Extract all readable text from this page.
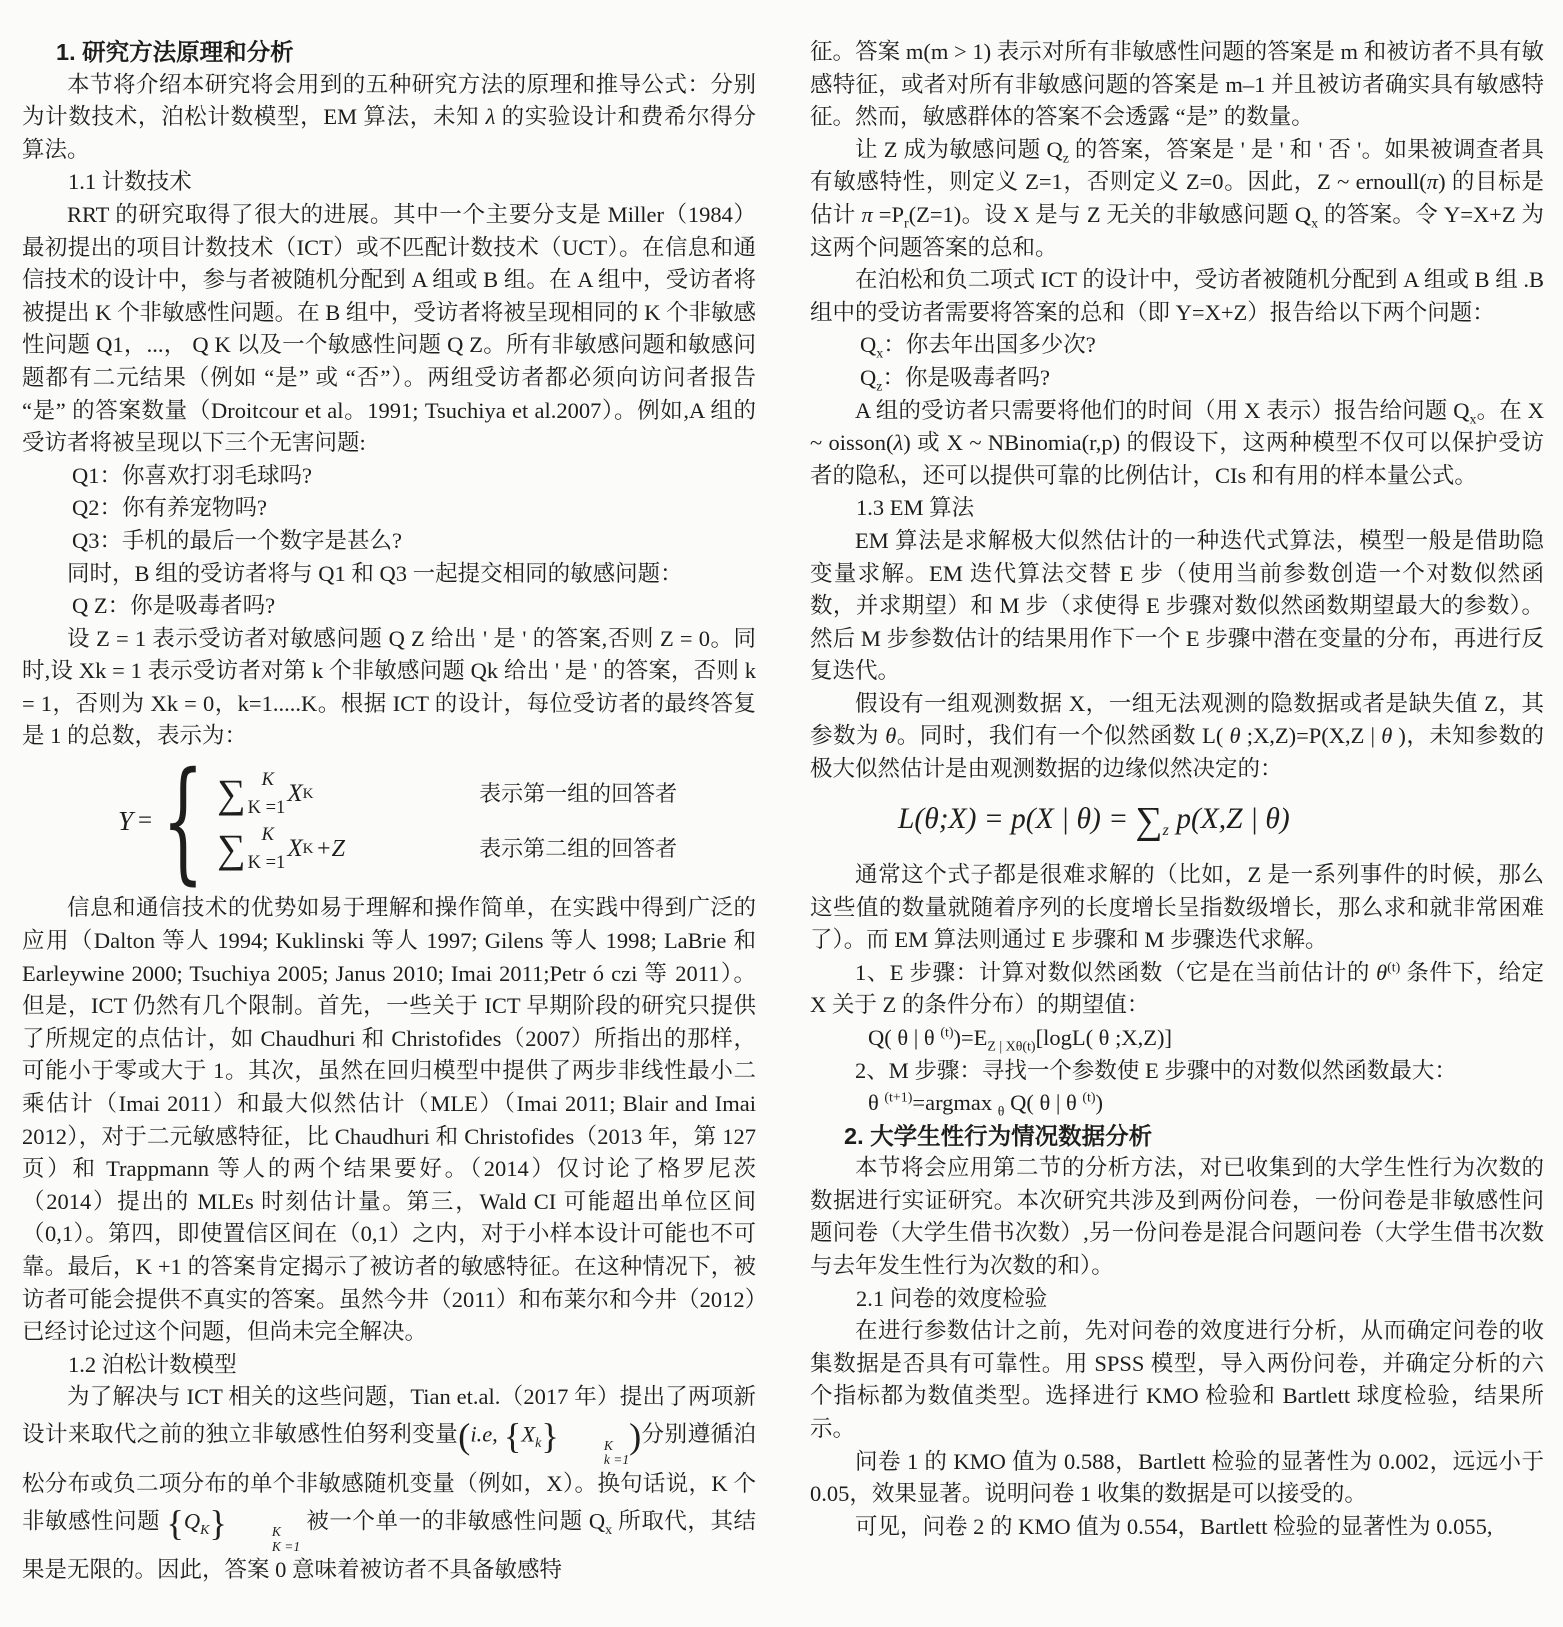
1. 研究方法原理和分析

本节将介绍本研究将会用到的五种研究方法的原理和推导公式：分别为计数技术，泊松计数模型，EM 算法，未知 λ 的实验设计和费希尔得分算法。

1.1 计数技术

RRT 的研究取得了很大的进展。其中一个主要分支是 Miller（1984）最初提出的项目计数技术（ICT）或不匹配计数技术（UCT）。在信息和通信技术的设计中，参与者被随机分配到 A 组或 B 组。在 A 组中，受访者将被提出 K 个非敏感性问题。在 B 组中，受访者将被呈现相同的 K 个非敏感性问题 Q1，...， Q K 以及一个敏感性问题 Q Z。所有非敏感问题和敏感问题都有二元结果（例如 “是” 或 “否”）。两组受访者都必须向访问者报告 “是” 的答案数量（Droitcour et al。1991; Tsuchiya et al.2007）。例如,A 组的受访者将被呈现以下三个无害问题:

Q1：你喜欢打羽毛球吗?
Q2：你有养宠物吗?
Q3：手机的最后一个数字是甚么?

同时，B 组的受访者将与 Q1 和 Q3 一起提交相同的敏感问题：

Q Z：你是吸毒者吗?

设 Z = 1 表示受访者对敏感问题 Q Z 给出 ' 是 ' 的答案,否则 Z = 0。同时,设 Xk = 1 表示受访者对第 k 个非敏感问题 Qk 给出 ' 是 ' 的答案，否则 k = 1，否则为 Xk = 0，k=1.....K。根据 ICT 的设计，每位受访者的最终答复是 1 的总数，表示为：

Y = { ∑ K
K =1
X K	表示第一组的回答者
∑ K
K =1
X K +Z	表示第二组的回答者

信息和通信技术的优势如易于理解和操作简单，在实践中得到广泛的应用（Dalton 等人 1994; Kuklinski 等人 1997; Gilens 等人 1998; LaBrie 和 Earleywine 2000; Tsuchiya 2005; Janus 2010; Imai 2011;Petr ó czi 等 2011）。但是，ICT 仍然有几个限制。首先，一些关于 ICT 早期阶段的研究只提供了所规定的点估计，如 Chaudhuri 和 Christofides（2007）所指出的那样，可能小于零或大于 1。其次，虽然在回归模型中提供了两步非线性最小二乘估计（Imai 2011）和最大似然估计（MLE）（Imai 2011; Blair and Imai 2012），对于二元敏感特征，比 Chaudhuri 和 Christofides（2013 年，第 127 页）和 Trappmann 等人的两个结果要好。（2014）仅讨论了格罗尼茨（2014）提出的 MLEs 时刻估计量。第三，Wald CI 可能超出单位区间（0,1）。第四，即使置信区间在（0,1）之内，对于小样本设计可能也不可靠。最后，K +1 的答案肯定揭示了被访者的敏感特征。在这种情况下，被访者可能会提供不真实的答案。虽然今井（2011）和布莱尔和今井（2012）已经讨论过这个问题，但尚未完全解决。

1.2 泊松计数模型

为了解决与 ICT 相关的这些问题，Tian et.al.（2017 年）提出了两项新设计来取代之前的独立非敏感性伯努利变量(i.e, $\{X_k\}$	K
k =1
)分别遵循泊松分布或负二项分布的单个非敏感随机变量（例如，X）。换句话说，K 个非敏感性问题 $\{Q_K\}$	K
K =1
被一个单一的非敏感性问题 $Q_x$ 所取代，其结果是无限的。因此，答案 0 意味着被访者不具备敏感特

征。答案 m(m > 1) 表示对所有非敏感性问题的答案是 m 和被访者不具有敏感特征，或者对所有非敏感问题的答案是 m–1 并且被访者确实具有敏感特征。然而，敏感群体的答案不会透露 “是” 的数量。

让 Z 成为敏感问题 $Q_z$ 的答案，答案是 ' 是 ' 和 ' 否 '。如果被调查者具有敏感特性，则定义 Z=1，否则定义 Z=0。因此，Z ~ ernoull(π) 的目标是估计 $\pi =P_r(Z=1)$。设 X 是与 Z 无关的非敏感问题 $Q_x$ 的答案。令 Y=X+Z 为这两个问题答案的总和。

在泊松和负二项式 ICT 的设计中，受访者被随机分配到 A 组或 B 组 .B 组中的受访者需要将答案的总和（即 Y=X+Z）报告给以下两个问题：

$Q_x$：你去年出国多少次?
$Q_z$：你是吸毒者吗?

A 组的受访者只需要将他们的时间（用 X 表示）报告给问题 $Q_x$。在 X ~ oisson(λ) 或 X ~ NBinomia(r,p) 的假设下，这两种模型不仅可以保护受访者的隐私，还可以提供可靠的比例估计，CIs 和有用的样本量公式。

1.3 EM 算法

EM 算法是求解极大似然估计的一种迭代式算法，模型一般是借助隐变量求解。EM 迭代算法交替 E 步（使用当前参数创造一个对数似然函数，并求期望）和 M 步（求使得 E 步骤对数似然函数期望最大的参数）。然后 M 步参数估计的结果用作下一个 E 步骤中潜在变量的分布，再进行反复迭代。

假设有一组观测数据 X，一组无法观测的隐数据或者是缺失值 Z，其参数为 θ。同时，我们有一个似然函数 L( θ ;X,Z)=P(X,Z | θ )，未知参数的极大似然估计是由观测数据的边缘似然决定的：

L(θ;X) = p(X | $\theta) = \sum_z$ p(X,Z | θ)

通常这个式子都是很难求解的（比如，Z 是一系列事件的时候，那么这些值的数量就随着序列的长度增长呈指数级增长，那么求和就非常困难了）。而 EM 算法则通过 E 步骤和 M 步骤迭代求解。

1、E 步骤：计算对数似然函数（它是在当前估计的 $\theta^{(t)}$ 条件下，给定 X 关于 Z 的条件分布）的期望值：

Q( θ | θ $^{(t)})=E_{Z | X\theta(t)}[\log L$( θ ;X,Z)]

2、M 步骤：寻找一个参数使 E 步骤中的对数似然函数最大：

θ $^{(t+1)}$=argmax $_\theta$ Q( θ | θ $^{(t)}$)
2. 大学生性行为情况数据分析

本节将会应用第二节的分析方法，对已收集到的大学生性行为次数的数据进行实证研究。本次研究共涉及到两份问卷，一份问卷是非敏感性问题问卷（大学生借书次数）,另一份问卷是混合问题问卷（大学生借书次数与去年发生性行为次数的和）。

2.1 问卷的效度检验

在进行参数估计之前，先对问卷的效度进行分析，从而确定问卷的收集数据是否具有可靠性。用 SPSS 模型，导入两份问卷，并确定分析的六个指标都为数值类型。选择进行 KMO 检验和 Bartlett 球度检验，结果所示。

问卷 1 的 KMO 值为 0.588，Bartlett 检验的显著性为 0.002，远远小于 0.05，效果显著。说明问卷 1 收集的数据是可以接受的。

可见，问卷 2 的 KMO 值为 0.554，Bartlett 检验的显著性为 0.055,
